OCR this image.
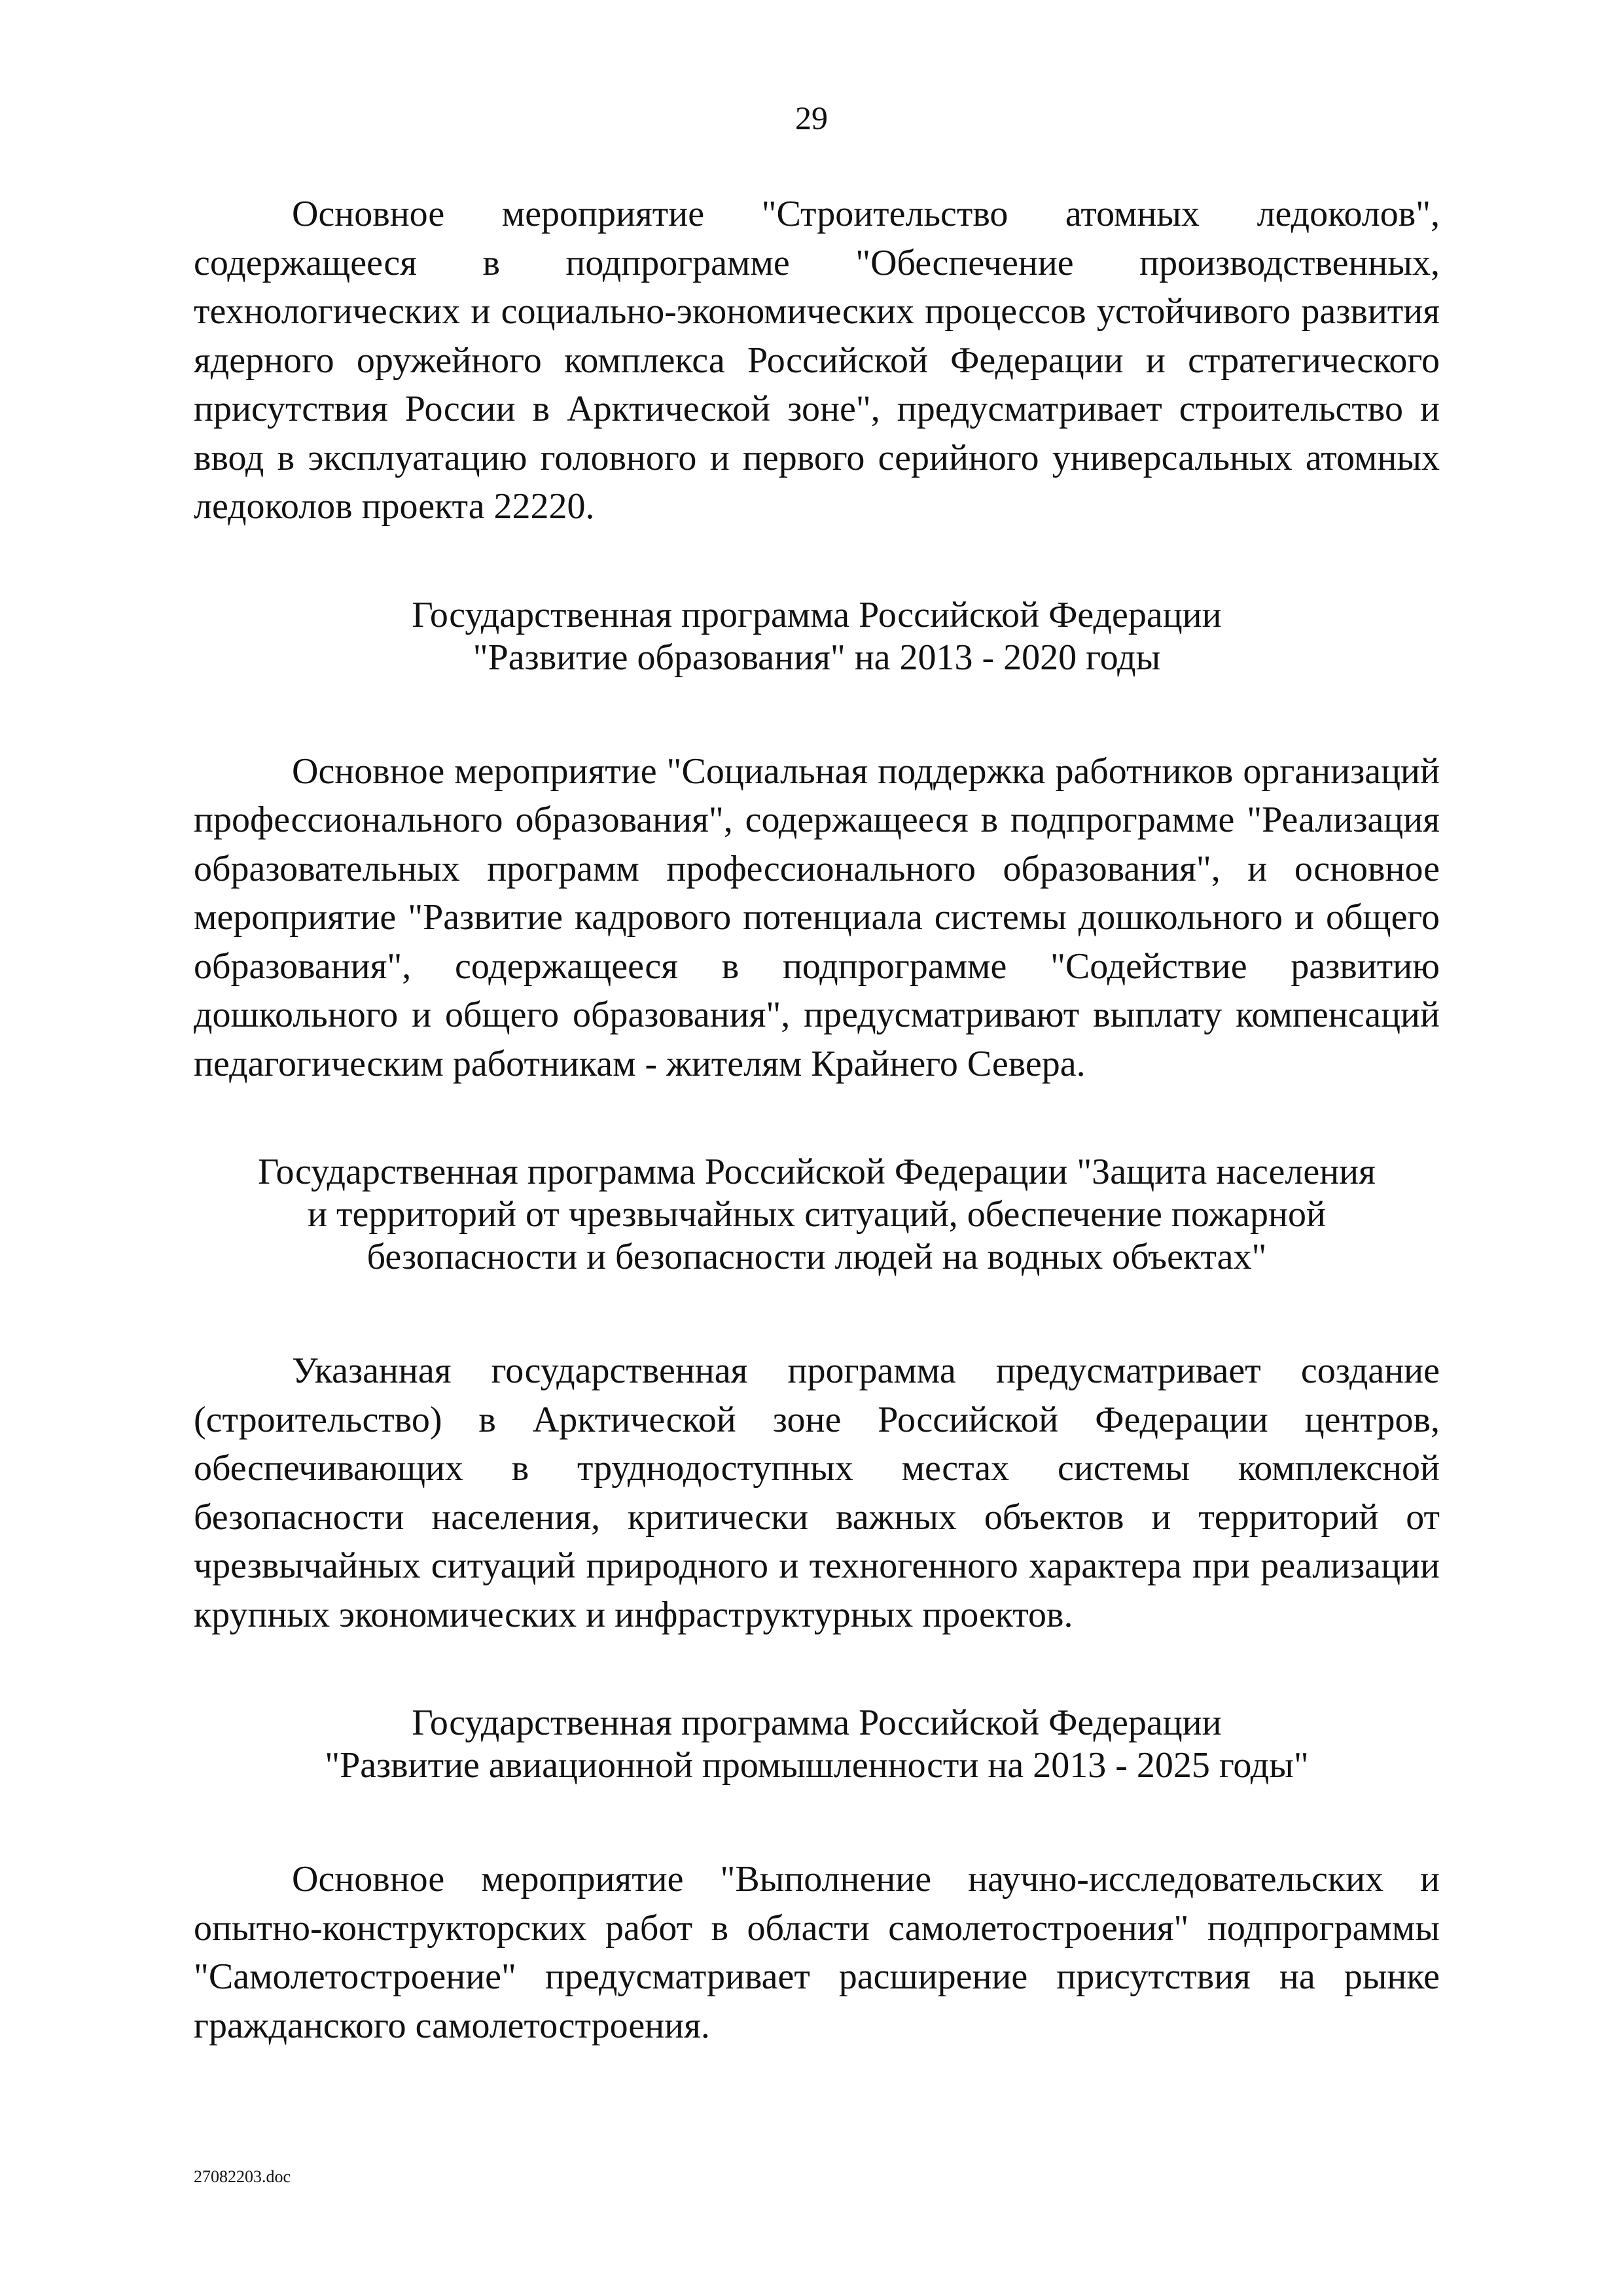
29

Основное мероприятие "Строительство атомных ледоколов", содержащееся в подпрограмме "Обеспечение производственных, технологических и социально-экономических процессов устойчивого развития ядерного оружейного комплекса Российской Федерации и стратегического присутствия России в Арктической зоне", предусматривает строительство и ввод в эксплуатацию головного и первого серийного универсальных атомных ледоколов проекта 22220.

Государственная программа Российской Федерации
"Развитие образования" на 2013 - 2020 годы

Основное мероприятие "Социальная поддержка работников организаций профессионального образования", содержащееся в подпрограмме "Реализация образовательных программ профессионального образования", и основное мероприятие "Развитие кадрового потенциала системы дошкольного и общего образования", содержащееся в подпрограмме "Содействие развитию дошкольного и общего образования", предусматривают выплату компенсаций педагогическим работникам - жителям Крайнего Севера.

Государственная программа Российской Федерации "Защита населения
и территорий от чрезвычайных ситуаций, обеспечение пожарной
безопасности и безопасности людей на водных объектах"

Указанная государственная программа предусматривает создание (строительство) в Арктической зоне Российской Федерации центров, обеспечивающих в труднодоступных местах системы комплексной безопасности населения, критически важных объектов и территорий от чрезвычайных ситуаций природного и техногенного характера при реализации крупных экономических и инфраструктурных проектов.

Государственная программа Российской Федерации
"Развитие авиационной промышленности на 2013 - 2025 годы"

Основное мероприятие "Выполнение научно-исследовательских и опытно-конструкторских работ в области самолетостроения" подпрограммы "Самолетостроение" предусматривает расширение присутствия на рынке гражданского самолетостроения.

27082203.doc
